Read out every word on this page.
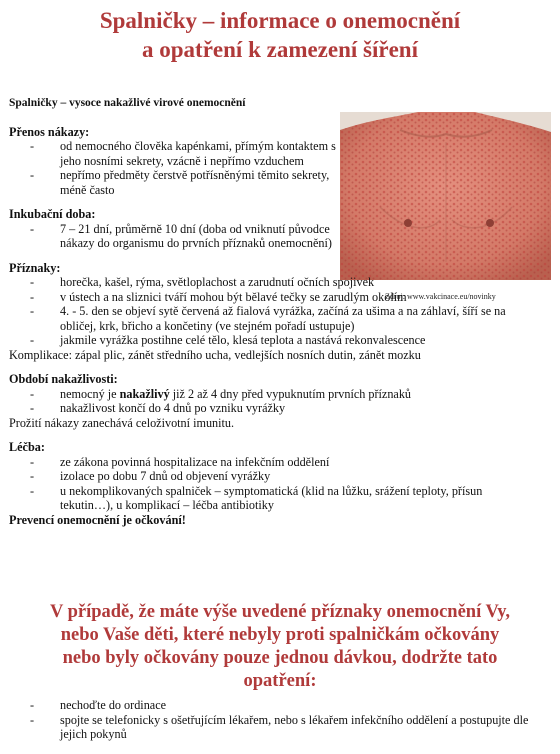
Spalničky – informace o onemocnění
a opatření k zamezení šíření
Zdroj: www.vakcinace.eu/novinky
Spalničky – vysoce nakažlivé virové onemocnění
Přenos nákazy:
- od nemocného člověka kapénkami, přímým kontaktem s jeho nosními sekrety, vzácně i nepřímo vzduchem
- nepřímo předměty čerstvě potřísněnými těmito sekrety, méně často
Inkubační doba:
- 7 – 21 dní, průměrně 10 dní (doba od vniknutí původce nákazy do organismu do prvních příznaků onemocnění)
Příznaky:
- horečka, kašel, rýma, světloplachost a zarudnutí očních spojivek
- v ústech a na sliznici tváří mohou být bělavé tečky se zarudlým okolím
- 4. - 5. den se objeví sytě červená až fialová vyrážka, začíná za ušima a na záhlaví, šíří se na obličej, krk, břicho a končetiny (ve stejném pořadí ustupuje)
- jakmile vyrážka postihne celé tělo, klesá teplota a nastává rekonvalescence
Komplikace: zápal plic, zánět středního ucha, vedlejších nosních dutin, zánět mozku
Období nakažlivosti:
- nemocný je nakažlivý již 2 až 4 dny před vypuknutím prvních příznaků
- nakažlivost končí do 4 dnů po vzniku vyrážky
Prožití nákazy zanechává celoživotní imunitu.
Léčba:
- ze zákona povinná hospitalizace na infekčním oddělení
- izolace po dobu 7 dnů od objevení vyrážky
- u nekomplikovaných spalniček – symptomatická (klid na lůžku, srážení teploty, přísun tekutin…), u komplikací – léčba antibiotiky
Prevencí onemocnění je očkování!
V případě, že máte výše uvedené příznaky onemocnění Vy,
nebo Vaše děti, které nebyly proti spalničkám očkovány
nebo byly očkovány pouze jednou dávkou, dodržte tato
opatření:
- nechoďte do ordinace
- spojte se telefonicky s ošetřujícím lékařem, nebo s lékařem infekčního oddělení a postupujte dle jejich pokynů
